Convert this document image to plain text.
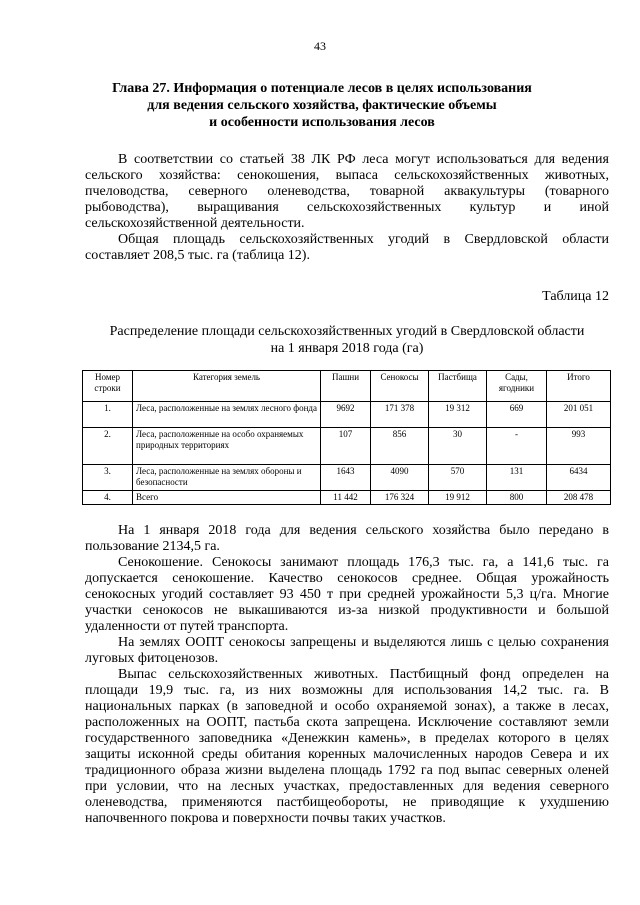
43
Глава 27. Информация о потенциале лесов в целях использования
для ведения сельского хозяйства, фактические объемы
и особенности использования лесов

В соответствии со статьей 38 ЛК РФ леса могут использоваться для ведения сельского хозяйства: сенокошения, выпаса сельскохозяйственных животных, пчеловодства, северного оленеводства, товарной аквакультуры (товарного рыбоводства), выращивания сельскохозяйственных культур и иной сельскохозяйственной деятельности.

Общая площадь сельскохозяйственных угодий в Свердловской области составляет 208,5 тыс. га (таблица 12).

Таблица 12
Распределение площади сельскохозяйственных угодий в Свердловской области
на 1 января 2018 года (га)
Номер строки	Категория земель	Пашни	Сенокосы	Пастбища	Сады, ягодники	Итого
1.	Леса, расположенные на землях лесного фонда	9692	171 378	19 312	669	201 051
2.	Леса, расположенные на особо охраняемых природных территориях	107	856	30	-	993
3.	Леса, расположенные на землях обороны и безопасности	1643	4090	570	131	6434
4.	Всего	11 442	176 324	19 912	800	208 478

На 1 января 2018 года для ведения сельского хозяйства было передано в пользование 2134,5 га.

Сенокошение. Сенокосы занимают площадь 176,3 тыс. га, а 141,6 тыс. га допускается сенокошение. Качество сенокосов среднее. Общая урожайность сенокосных угодий составляет 93 450 т при средней урожайности 5,3 ц/га. Многие участки сенокосов не выкашиваются из-за низкой продуктивности и большой удаленности от путей транспорта.

На землях ООПТ сенокосы запрещены и выделяются лишь с целью сохранения луговых фитоценозов.

Выпас сельскохозяйственных животных. Пастбищный фонд определен на площади 19,9 тыс. га, из них возможны для использования 14,2 тыс. га. В национальных парках (в заповедной и особо охраняемой зонах), а также в лесах, расположенных на ООПТ, пастьба скота запрещена. Исключение составляют земли государственного заповедника «Денежкин камень», в пределах которого в целях защиты исконной среды обитания коренных малочисленных народов Севера и их традиционного образа жизни выделена площадь 1792 га под выпас северных оленей при условии, что на лесных участках, предоставленных для ведения северного оленеводства, применяются пастбищеобороты, не приводящие к ухудшению напочвенного покрова и поверхности почвы таких участков.
